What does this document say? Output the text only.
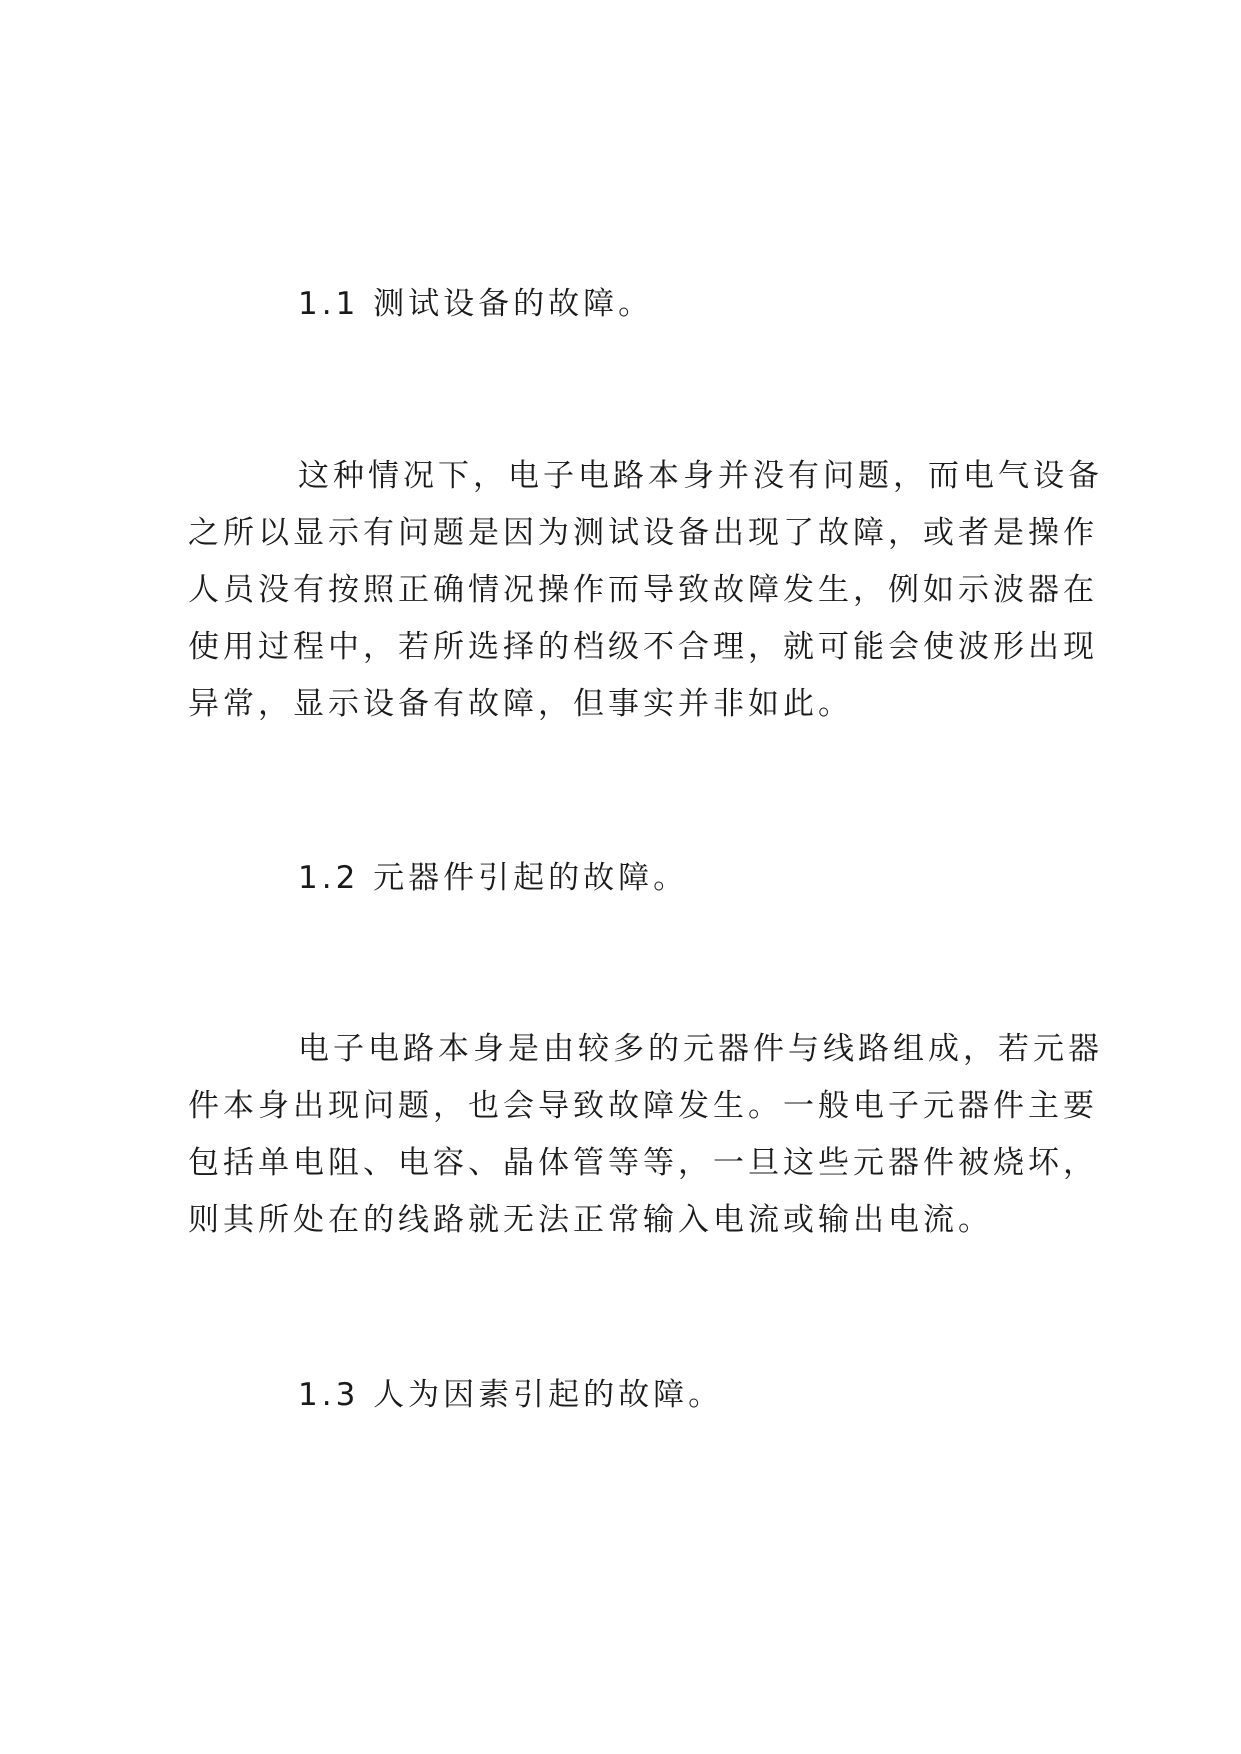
1.1 测试设备的故障。
这种情况下，电子电路本身并没有问题，而电气设备
之所以显示有问题是因为测试设备出现了故障，或者是操作
人员没有按照正确情况操作而导致故障发生，例如示波器在
使用过程中，若所选择的档级不合理，就可能会使波形出现
异常，显示设备有故障，但事实并非如此。
1.2 元器件引起的故障。
电子电路本身是由较多的元器件与线路组成，若元器
件本身出现问题，也会导致故障发生。一般电子元器件主要
包括单电阻、电容、晶体管等等，一旦这些元器件被烧坏，
则其所处在的线路就无法正常输入电流或输出电流。
1.3 人为因素引起的故障。
